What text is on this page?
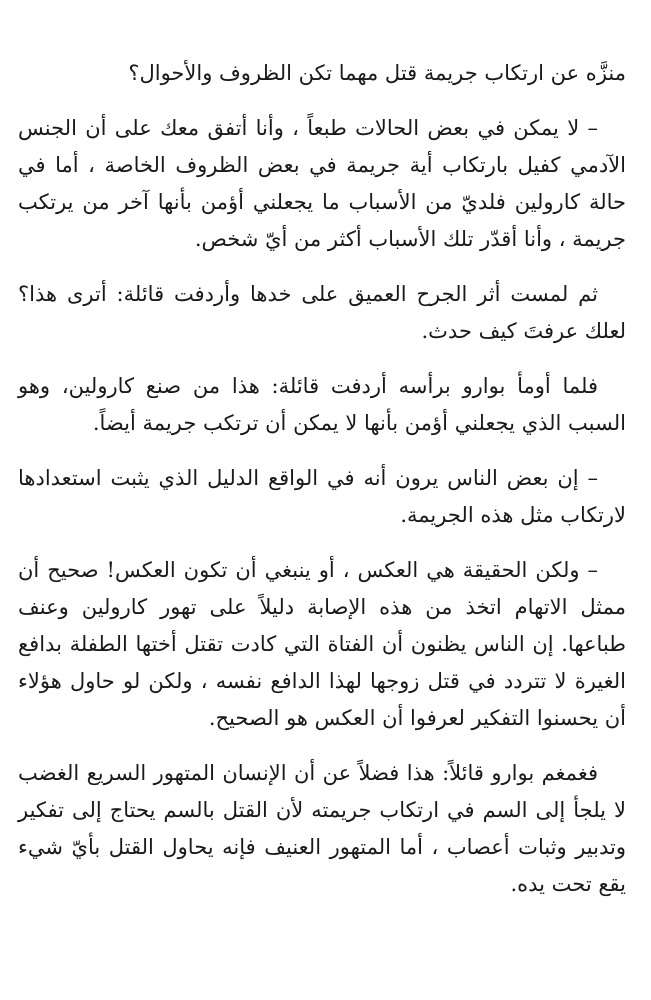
منزَّه عن ارتكاب جريمة قتل مهما تكن الظروف والأحوال؟

– لا يمكن في بعض الحالات طبعاً ، وأنا أتفق معك على أن الجنس الآدمي كفيل بارتكاب أية جريمة في بعض الظروف الخاصة ، أما في حالة كارولين فلديّ من الأسباب ما يجعلني أؤمن بأنها آخر من يرتكب جريمة ، وأنا أقدّر تلك الأسباب أكثر من أيّ شخص.

ثم لمست أثر الجرح العميق على خدها وأردفت قائلة: أترى هذا؟ لعلك عرفتَ كيف حدث.

فلما أومأ بوارو برأسه أردفت قائلة: هذا من صنع كارولين، وهو السبب الذي يجعلني أؤمن بأنها لا يمكن أن ترتكب جريمة أيضاً.

– إن بعض الناس يرون أنه في الواقع الدليل الذي يثبت استعدادها لارتكاب مثل هذه الجريمة.

– ولكن الحقيقة هي العكس ، أو ينبغي أن تكون العكس! صحيح أن ممثل الاتهام اتخذ من هذه الإصابة دليلاً على تهور كارولين وعنف طباعها. إن الناس يظنون أن الفتاة التي كادت تقتل أختها الطفلة بدافع الغيرة لا تتردد في قتل زوجها لهذا الدافع نفسه ، ولكن لو حاول هؤلاء أن يحسنوا التفكير لعرفوا أن العكس هو الصحيح.

فغمغم بوارو قائلاً: هذا فضلاً عن أن الإنسان المتهور السريع الغضب لا يلجأ إلى السم في ارتكاب جريمته لأن القتل بالسم يحتاج إلى تفكير وتدبير وثبات أعصاب ، أما المتهور العنيف فإنه يحاول القتل بأيّ شيء يقع تحت يده.
